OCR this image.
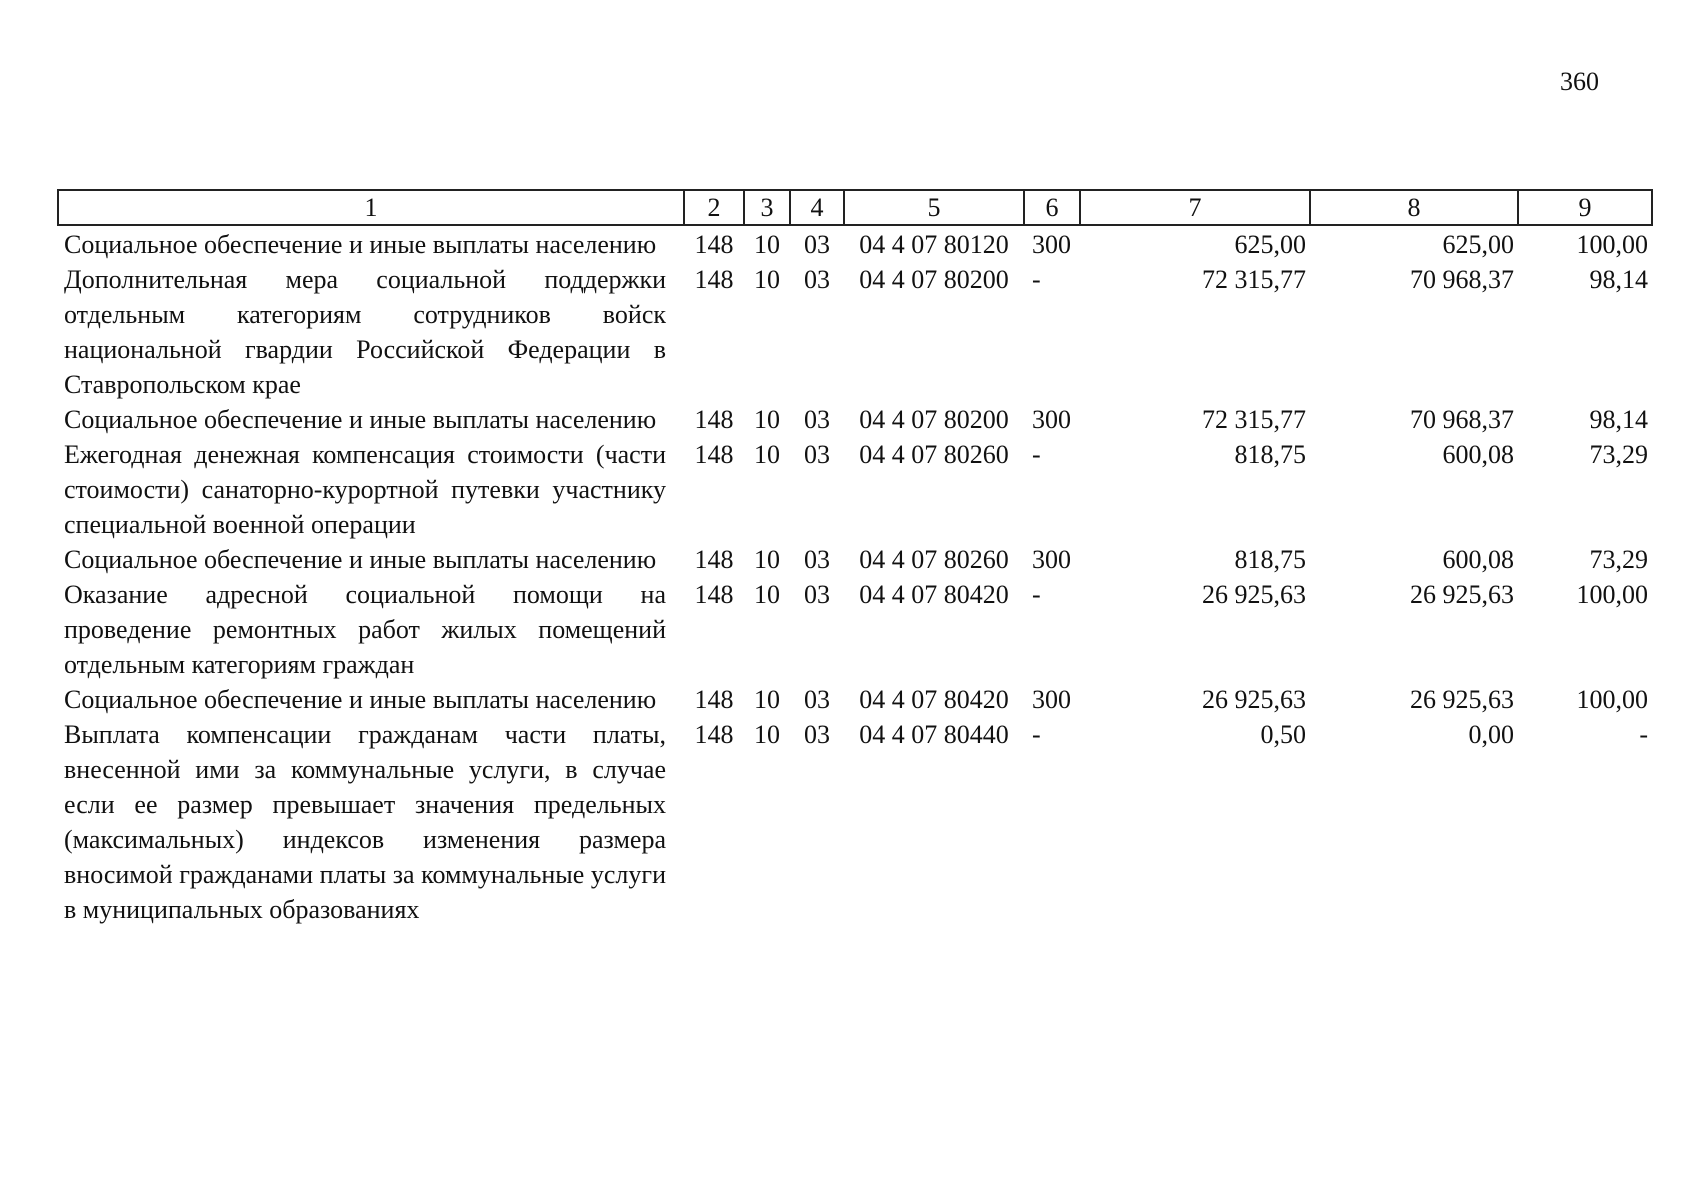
360
1	2	3	4	5	6	7	8	9
Социальное обеспечение и иные выплаты населению	148	10	03	04 4 07 80120	300	625,00	625,00	100,00
Дополнительная мера социальной поддержки отдельным категориям сотрудников войск национальной гвардии Российской Федерации в Ставропольском крае	148	10	03	04 4 07 80200	-	72 315,77	70 968,37	98,14
Социальное обеспечение и иные выплаты населению	148	10	03	04 4 07 80200	300	72 315,77	70 968,37	98,14
Ежегодная денежная компенсация стоимости (части стоимости) санаторно-курортной путевки участнику специальной военной операции	148	10	03	04 4 07 80260	-	818,75	600,08	73,29
Социальное обеспечение и иные выплаты населению	148	10	03	04 4 07 80260	300	818,75	600,08	73,29
Оказание адресной социальной помощи на проведение ремонтных работ жилых помещений отдельным категориям граждан	148	10	03	04 4 07 80420	-	26 925,63	26 925,63	100,00
Социальное обеспечение и иные выплаты населению	148	10	03	04 4 07 80420	300	26 925,63	26 925,63	100,00
Выплата компенсации гражданам части платы, внесенной ими за коммунальные услуги, в случае если ее размер превышает значения предельных (максимальных) индексов изменения размера вносимой гражданами платы за коммунальные услуги в муниципальных образованиях	148	10	03	04 4 07 80440	-	0,50	0,00	-
